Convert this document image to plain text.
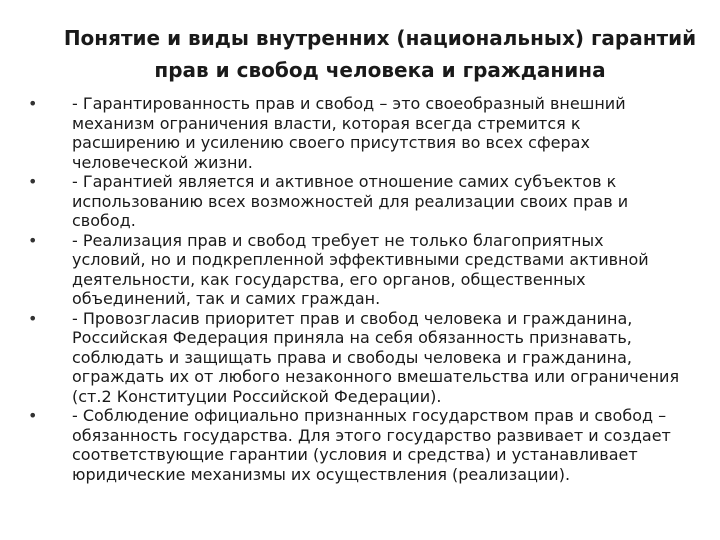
Понятие и виды внутренних (национальных) гарантий
прав и свобод человека и гражданина
• - Гарантированность прав и свобод – это своеобразный внешний
механизм ограничения власти, которая всегда стремится к
расширению и усилению своего присутствия во всех сферах
человеческой жизни.
• - Гарантией является и активное отношение самих субъектов к
использованию всех возможностей для реализации своих прав и
свобод.
• - Реализация прав и свобод требует не только благоприятных
условий, но и подкрепленной эффективными средствами активной
деятельности, как государства, его органов, общественных
объединений, так и самих граждан.
• - Провозгласив приоритет прав и свобод человека и гражданина,
Российская Федерация приняла на себя обязанность признавать,
соблюдать и защищать права и свободы человека и гражданина,
ограждать их от любого незаконного вмешательства или ограничения
(ст.2 Конституции Российской Федерации).
• - Соблюдение официально признанных государством прав и свобод –
обязанность государства. Для этого государство развивает и создает
соответствующие гарантии (условия и средства) и устанавливает
юридические механизмы их осуществления (реализации).
